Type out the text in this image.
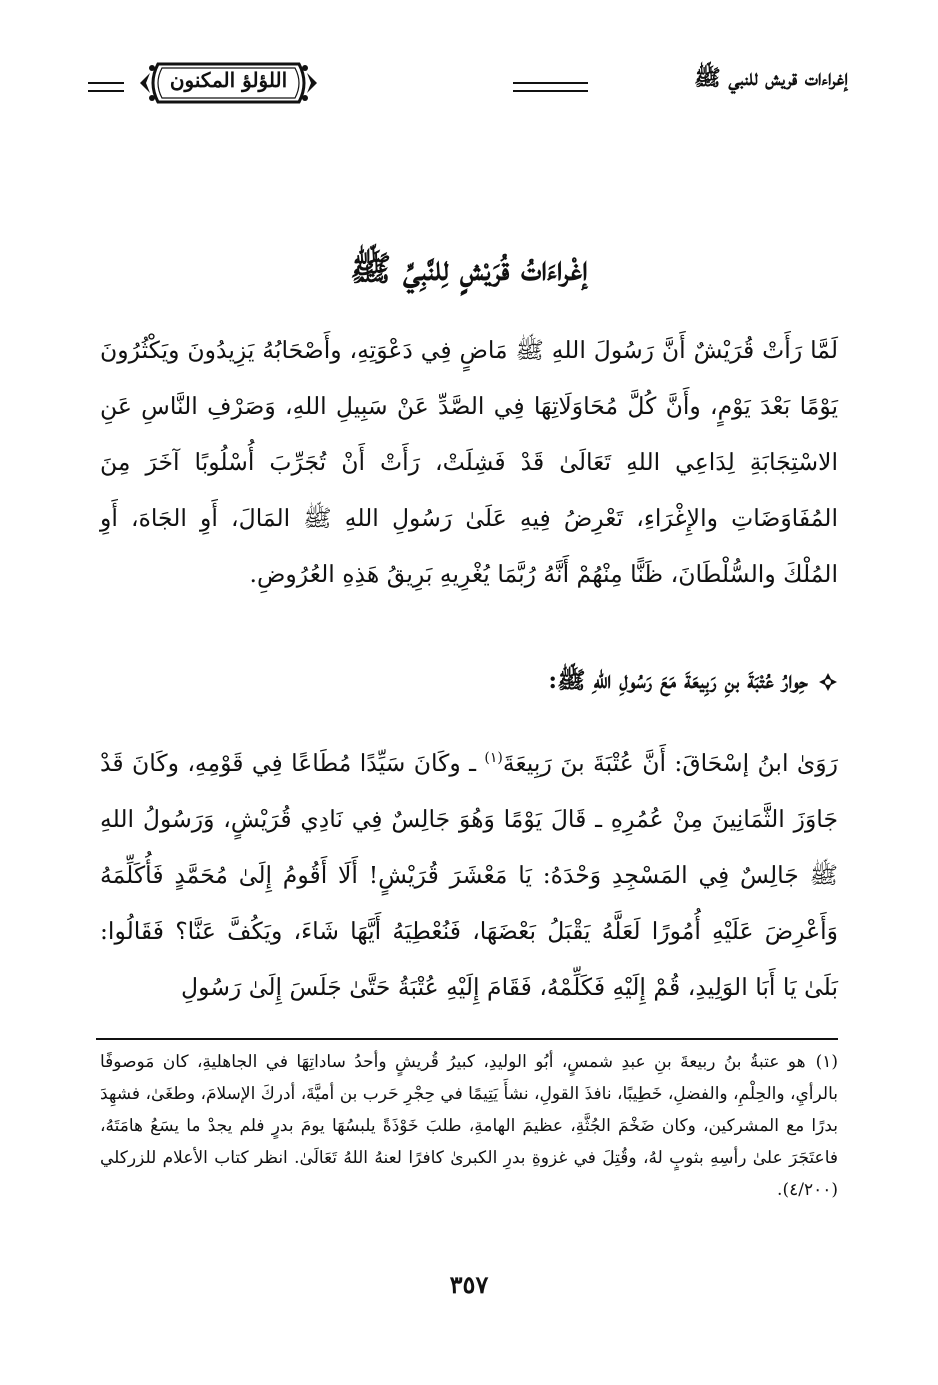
إغراءات قريش للنبي ﷺ
اللؤلؤ المكنون
إغْراءَاتُ قُرَيْشٍ لِلنَّبِيِّ ﷺ
لَمَّا رَأَتْ قُرَيْشٌ أَنَّ رَسُولَ اللهِ ﷺ مَاضٍ فِي دَعْوَتِهِ، وأَصْحَابُهُ يَزِيدُونَ ويَكْثُرُونَ يَوْمًا بَعْدَ يَوْمٍ، وأَنَّ كُلَّ مُحَاوَلَاتِهَا فِي الصَّدِّ عَنْ سَبِيلِ اللهِ، وَصَرْفِ النَّاسِ عَنِ الاسْتِجَابَةِ لِدَاعِي اللهِ تَعَالَىٰ قَدْ فَشِلَتْ، رَأَتْ أَنْ تُجَرِّبَ أُسْلُوبًا آخَرَ مِنَ المُفَاوَضَاتِ والإِغْرَاءِ، تَعْرِضُ فِيهِ عَلَىٰ رَسُولِ اللهِ ﷺ المَالَ، أَوِ الجَاهَ، أَوِ المُلْكَ والسُّلْطَانَ، ظَنًّا مِنْهُمْ أَنَّهُ رُبَّمَا يُغْرِيهِ بَرِيقُ هَذِهِ العُرُوضِ.
حِوارُ عُتْبَةَ بنِ رَبِيعَةَ مَعَ رَسُولِ اللهِ ﷺ:
رَوَىٰ ابنُ إسْحَاقَ: أَنَّ عُتْبَةَ بنَ رَبِيعَةَ$^{(١)}$ ـ وكَانَ سَيِّدًا مُطَاعًا فِي قَوْمِهِ، وكَانَ قَدْ جَاوَزَ الثَّمَانِينَ مِنْ عُمُرِهِ ـ قَالَ يَوْمًا وَهُوَ جَالِسٌ فِي نَادِي قُرَيْشٍ، وَرَسُولُ اللهِ ﷺ جَالِسٌ فِي المَسْجِدِ وَحْدَهُ: يَا مَعْشَرَ قُرَيْشٍ! أَلَا أَقُومُ إِلَىٰ مُحَمَّدٍ فَأُكَلِّمَهُ وَأَعْرِضَ عَلَيْهِ أُمُورًا لَعَلَّهُ يَقْبَلُ بَعْضَهَا، فَنُعْطِيَهُ أَيَّهَا شَاءَ، ويَكُفَّ عَنَّا؟ فَقَالُوا: بَلَىٰ يَا أَبَا الوَلِيدِ، قُمْ إِلَيْهِ فَكَلِّمْهُ، فَقَامَ إِلَيْهِ عُتْبَةُ حَتَّىٰ جَلَسَ إِلَىٰ رَسُولِ
(١)هو عتبةُ بنُ ربيعةَ بنِ عبدِ شمسٍ، أبُو الوليدِ، كبيرُ قُريشٍ وأحدُ ساداتِهَا في الجاهليةِ، كان مَوصوفًا بالرأيِ، والحِلْمِ، والفضلِ، خَطِيبًا، نافذَ القولِ، نشأَ يَتِيمًا في حِجْرِ حَرب بن أميَّةَ، أدركَ الإسلامَ، وطغَىٰ، فشهِدَ بدرًا مع المشركين، وكان ضَخْمَ الجُثَّةِ، عظيمَ الهامةِ، طلبَ خَوْذَةً يلبسُهَا يومَ بدرٍ فلم يجدْ ما يسَعُ هامَتَهُ، فاعتَجَرَ علىٰ رأسِهِ بثوبٍ لهُ، وقُتِلَ في غزوةِ بدرِ الكبرىٰ كافرًا لعنهُ اللهُ تَعَالَىٰ. انظر كتاب الأعلام للزركلي (٤/٢٠٠).
٣٥٧
